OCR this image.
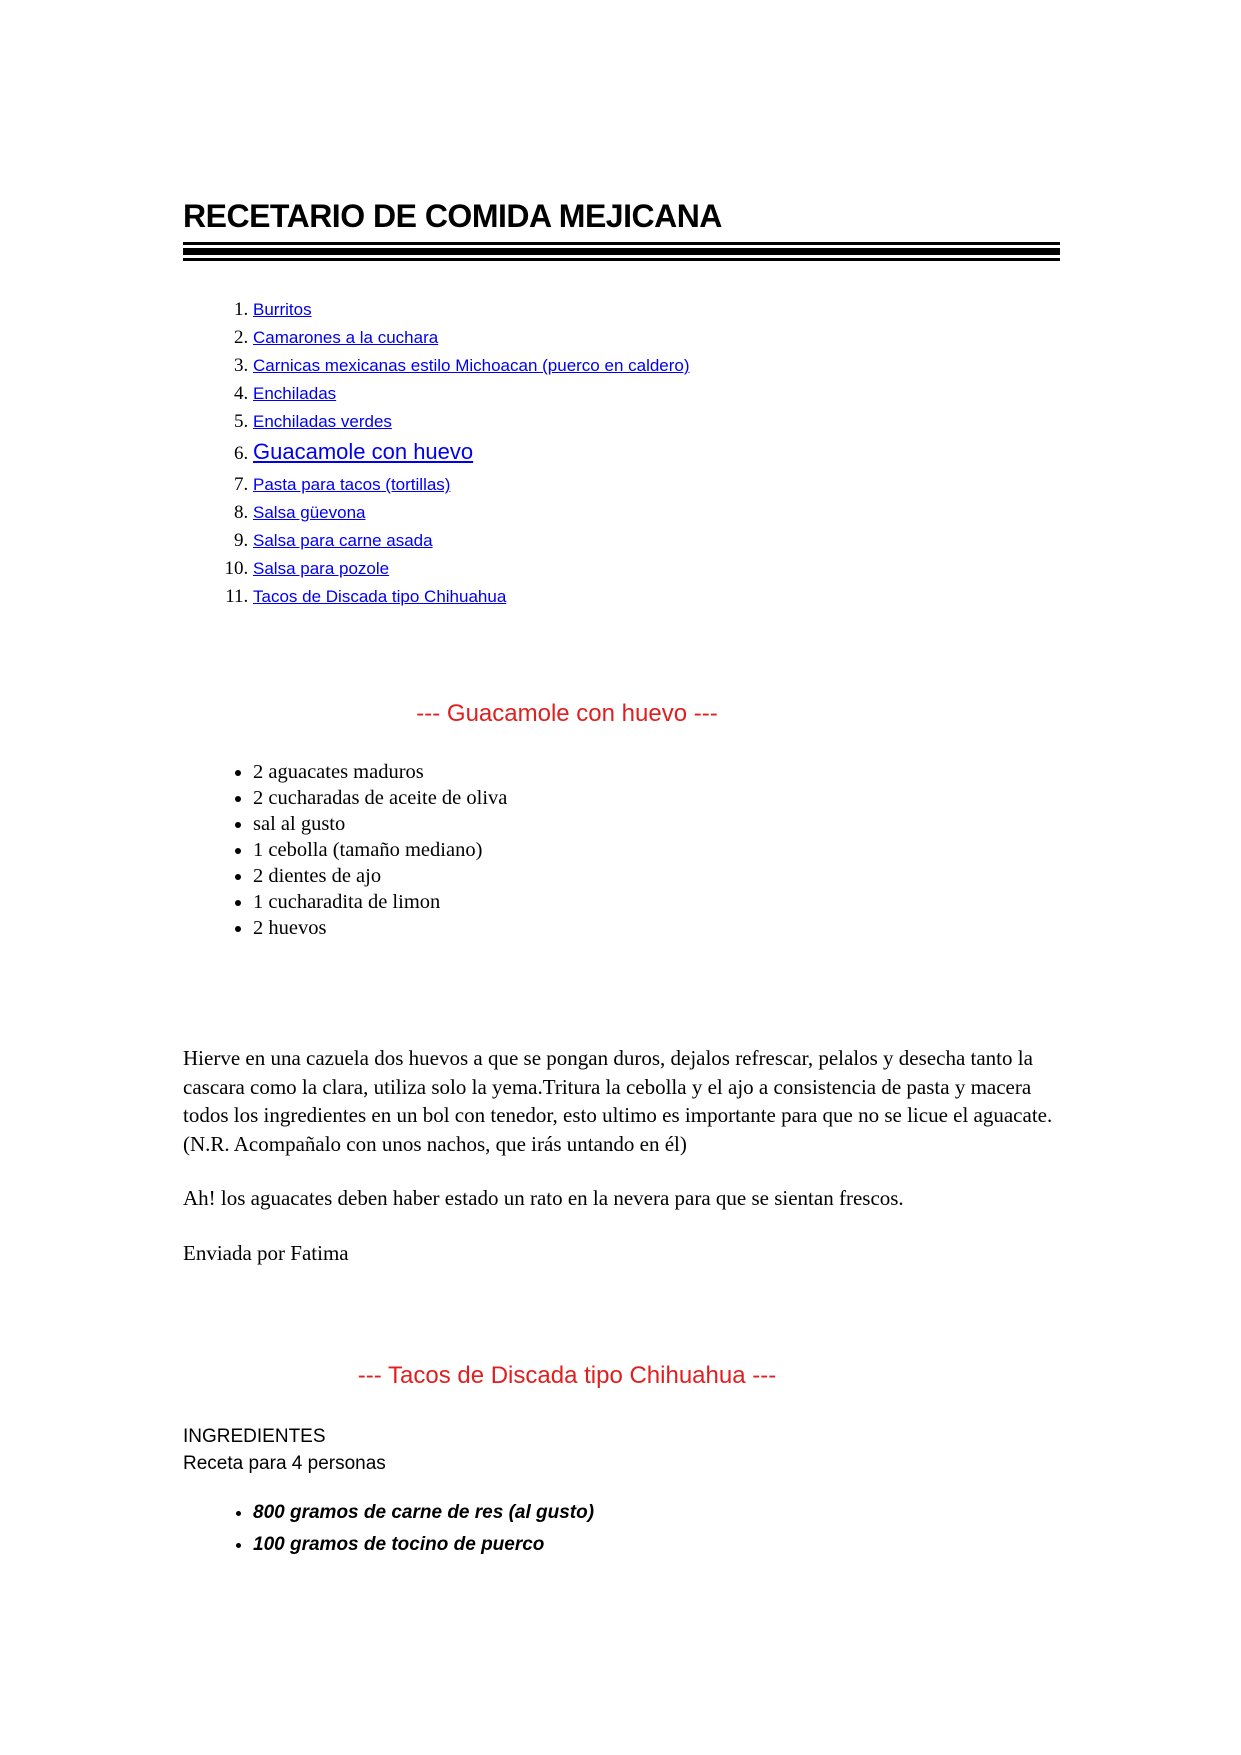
RECETARIO DE COMIDA MEJICANA
1. Burritos
2. Camarones a la cuchara
3. Carnicas mexicanas estilo Michoacan (puerco en caldero)
4. Enchiladas
5. Enchiladas verdes
6. Guacamole con huevo
7. Pasta para tacos (tortillas)
8. Salsa güevona
9. Salsa para carne asada
10. Salsa para pozole
11. Tacos de Discada tipo Chihuahua
--- Guacamole con huevo ---
• 2 aguacates maduros
• 2 cucharadas de aceite de oliva
• sal al gusto
• 1 cebolla (tamaño mediano)
• 2 dientes de ajo
• 1 cucharadita de limon
• 2 huevos

Hierve en una cazuela dos huevos a que se pongan duros, dejalos refrescar, pelalos y desecha tanto la cascara como la clara, utiliza solo la yema.Tritura la cebolla y el ajo a consistencia de pasta y macera todos los ingredientes en un bol con tenedor, esto ultimo es importante para que no se licue el aguacate. (N.R. Acompañalo con unos nachos, que irás untando en él)

Ah! los aguacates deben haber estado un rato en la nevera para que se sientan frescos.

Enviada por Fatima

--- Tacos de Discada tipo Chihuahua ---
INGREDIENTES
Receta para 4 personas
• 800 gramos de carne de res (al gusto)
• 100 gramos de tocino de puerco
